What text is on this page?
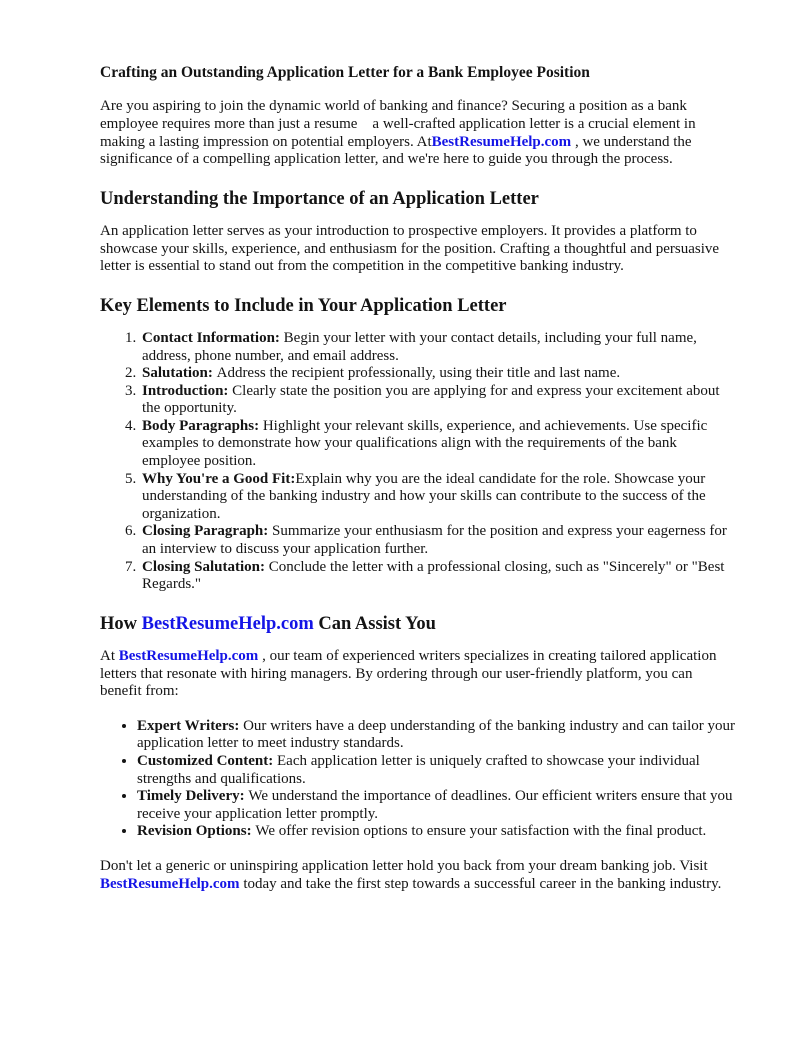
Crafting an Outstanding Application Letter for a Bank Employee Position

Are you aspiring to join the dynamic world of banking and finance? Securing a position as a bank employee requires more than just a resume    a well-crafted application letter is a crucial element in making a lasting impression on potential employers. AtBestResumeHelp.com , we understand the significance of a compelling application letter, and we're here to guide you through the process.

Understanding the Importance of an Application Letter

An application letter serves as your introduction to prospective employers. It provides a platform to showcase your skills, experience, and enthusiasm for the position. Crafting a thoughtful and persuasive letter is essential to stand out from the competition in the competitive banking industry.

Key Elements to Include in Your Application Letter
1. Contact Information: Begin your letter with your contact details, including your full name, address, phone number, and email address.
2. Salutation: Address the recipient professionally, using their title and last name.
3. Introduction: Clearly state the position you are applying for and express your excitement about the opportunity.
4. Body Paragraphs: Highlight your relevant skills, experience, and achievements. Use specific examples to demonstrate how your qualifications align with the requirements of the bank employee position.
5. Why You're a Good Fit:Explain why you are the ideal candidate for the role. Showcase your understanding of the banking industry and how your skills can contribute to the success of the organization.
6. Closing Paragraph: Summarize your enthusiasm for the position and express your eagerness for an interview to discuss your application further.
7. Closing Salutation: Conclude the letter with a professional closing, such as "Sincerely" or "Best Regards."
How BestResumeHelp.com Can Assist You

At BestResumeHelp.com , our team of experienced writers specializes in creating tailored application letters that resonate with hiring managers. By ordering through our user-friendly platform, you can benefit from:

• Expert Writers: Our writers have a deep understanding of the banking industry and can tailor your application letter to meet industry standards.
• Customized Content: Each application letter is uniquely crafted to showcase your individual strengths and qualifications.
• Timely Delivery: We understand the importance of deadlines. Our efficient writers ensure that you receive your application letter promptly.
• Revision Options: We offer revision options to ensure your satisfaction with the final product.

Don't let a generic or uninspiring application letter hold you back from your dream banking job. Visit BestResumeHelp.com today and take the first step towards a successful career in the banking industry.
